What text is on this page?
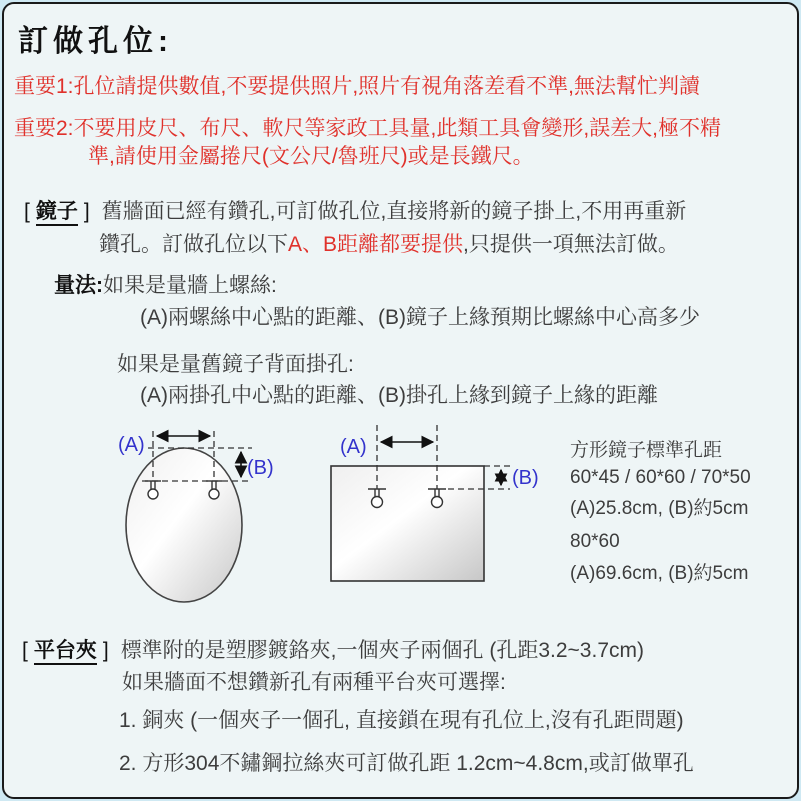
訂做孔位:
重要1:孔位請提供數值,不要提供照片,照片有視角落差看不準,無法幫忙判讀
重要2:不要用皮尺、布尺、軟尺等家政工具量,此類工具會變形,誤差大,極不精
準,請使用金屬捲尺(文公尺/魯班尺)或是長鐵尺。
[ 鏡子 ] 舊牆面已經有鑽孔,可訂做孔位,直接將新的鏡子掛上,不用再重新
鑽孔。訂做孔位以下A、B距離都要提供,只提供一項無法訂做。
量法:如果是量牆上螺絲:
(A)兩螺絲中心點的距離、(B)鏡子上緣預期比螺絲中心高多少
如果是量舊鏡子背面掛孔:
(A)兩掛孔中心點的距離、(B)掛孔上緣到鏡子上緣的距離
(A)
(B)
(A)
(B)
方形鏡子標準孔距
60*45 / 60*60 / 70*50
(A)25.8cm, (B)約5cm
80*60
(A)69.6cm, (B)約5cm
[ 平台夾 ] 標準附的是塑膠鍍鉻夾,一個夾子兩個孔 (孔距3.2~3.7cm)
如果牆面不想鑽新孔有兩種平台夾可選擇:
1. 銅夾 (一個夾子一個孔, 直接鎖在現有孔位上,沒有孔距問題)
2. 方形304不鏽鋼拉絲夾可訂做孔距 1.2cm~4.8cm,或訂做單孔
